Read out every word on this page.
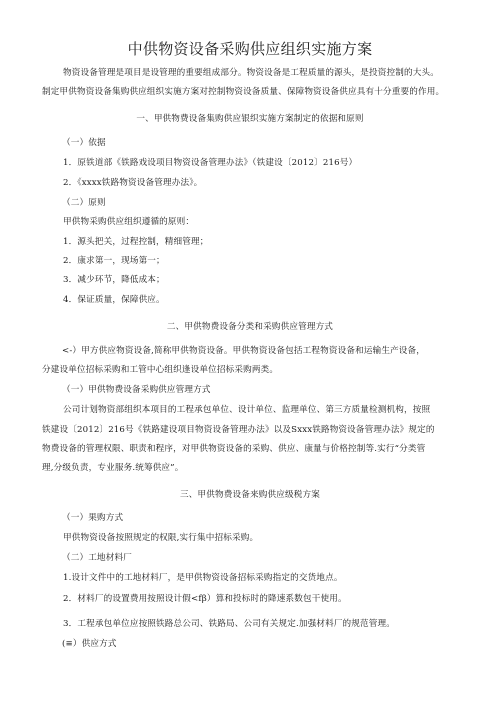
中供物资设备采购供应组织实施方案
物资设备管理是项目是设管理的重要组成部分。物资设备是工程质量的源头，是投资控制的大头。
制定甲供物资设备集购供应组织实施方案对控制物资设备质量、保障物资设备供应具有十分重要的作用。
一、甲供物费设备集购供应银织实施方案制定的依据和原则
（一）依据
1．原铁道部《铁路戏设项目物资设备管理办法》（铁建设〔2012〕216号）
2．《xxxx铁路物资设备管理办法》。
（二）原则
甲供物采购供应组织遵循的原则：
1．源头把关，过程控制，精细管理；
2．康求第一，现场第一；
3．减少环节，降低成本；
4．保证质量，保障供应。
二、甲供物费设备分类和采购供应管理方式
<-）甲方供应物资设备,简称甲供物资设备。甲供物资设备包括工程物资设备和运输生产设备，
分建设单位招标采购和工管中心组织逢设单位招标采购两类。
（一）甲供物费设备采购供应管理方式
公司计划物资部组织本项目的工程承包单位、设计单位、监理单位、第三方质量检测机构，按照
铁建设〔2012〕216号《铁路建设项目物资设备管理办法》以及Sxxx铁路物资设备管理办法》规定的
物费设备的管理权限、职责和程序，对甲供物资设备的采购、供应、康量与价格控制等.实行“分类管
理,分级负责，专业服务.统筹供应”。
三、甲供物费设备来购供应级税方案
（一）果购方式
甲供物资设备按照规定的权限,实行集中招标采购。
（二）工地材料厂
1.设计文件中的工地材料厂，是甲供物资设备招标采购指定的交货地点。
2．材料厂的设置费用按照设计假<fβ）算和投标时的降速系数包干使用。
3．工程承包单位应按照铁路总公司、铁路局、公司有关规定.加强材料厂的规范管理。
(≡）供应方式
